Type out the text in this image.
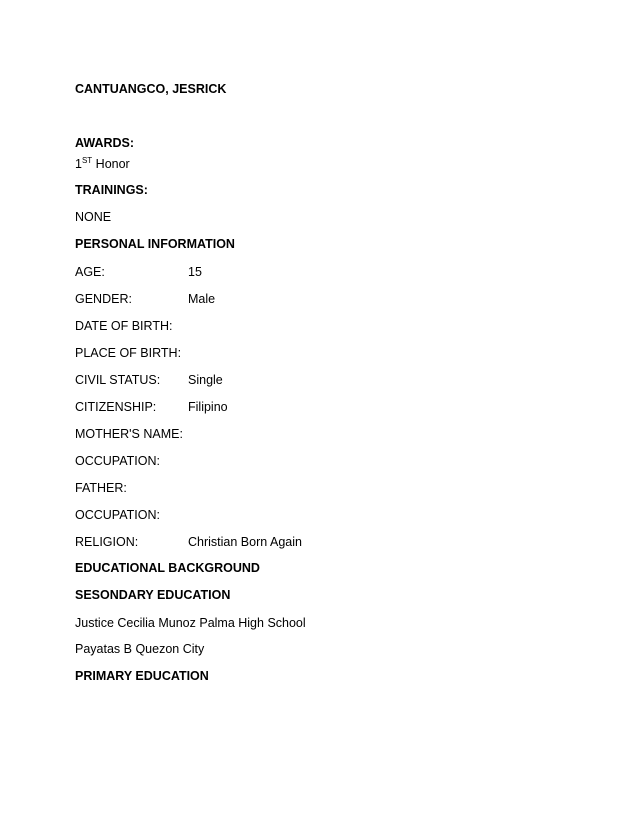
CANTUANGCO, JESRICK
AWARDS:
1ST Honor
TRAININGS:
NONE
PERSONAL INFORMATION
AGE:	15
GENDER:	Male
DATE OF BIRTH:
PLACE OF BIRTH:
CIVIL STATUS: Single
CITIZENSHIP:	Filipino
MOTHER'S NAME:
OCCUPATION:
FATHER:
OCCUPATION:
RELIGION:	Christian Born Again
EDUCATIONAL BACKGROUND
SESONDARY EDUCATION
Justice Cecilia Munoz Palma High School
Payatas B Quezon City
PRIMARY EDUCATION
